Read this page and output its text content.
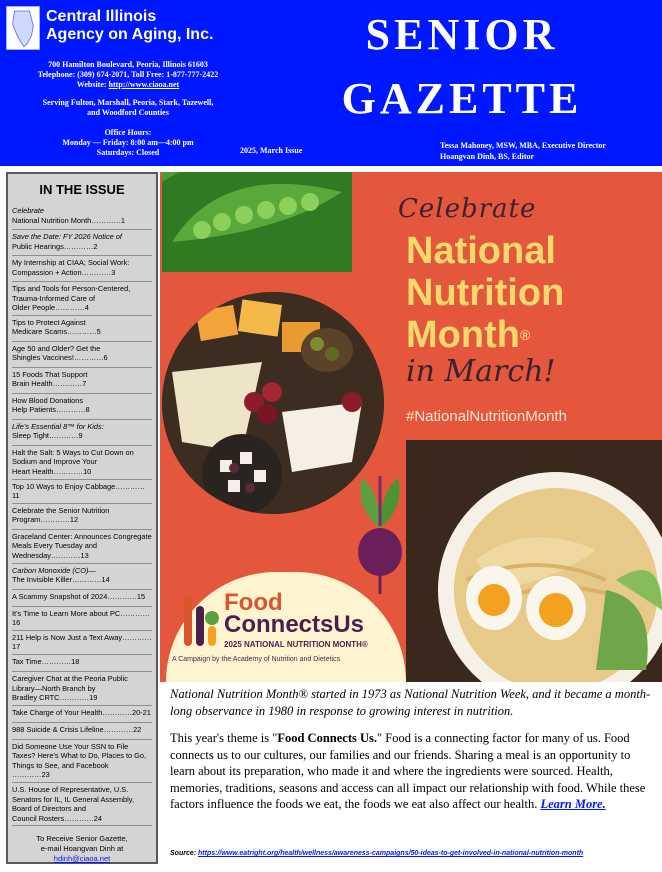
Central Illinois
Agency on Aging, Inc.
700 Hamilton Boulevard, Peoria, Illinois 61603
Telephone: (309) 674-2071, Toll Free: 1-877-777-2422
Website: http://www.ciaoa.net
Serving Fulton, Marshall, Peoria, Stark, Tazewell,
and Woodford Counties
Office Hours:
Monday — Friday: 8:00 am—4:00 pm
Saturdays: Closed
SENIOR
GAZETTE
2025, March Issue
Tessa Mahoney, MSW, MBA, Executive Director
Hoangvan Dinh, BS, Editor
IN THE ISSUE
Celebrate
National Nutrition Month…………1
Save the Date: FY 2026 Notice of
Public Hearings…………2
My Internship at CIAA; Social Work:
Compassion + Action…………3
Tips and Tools for Person-Centered, Trauma-Informed Care of
Older People…………4
Tips to Protect Against
Medicare Scams…………5
Age 50 and Older? Get the
Shingles Vaccines!…………6
15 Foods That Support
Brain Health…………7
How Blood Donations
Help Patients…………8
Life's Essential 8™ for Kids:
Sleep Tight…………9
Halt the Salt: 5 Ways to Cut Down on Sodium and Improve Your
Heart Health…………10
Top 10 Ways to Enjoy Cabbage…………11
Celebrate the Senior Nutrition
Program…………12
Graceland Center: Announces Congregate Meals Every Tuesday and
Wednesday…………13
Carbon Monoxide (CO)—
The Invisible Killer…………14
A Scammy Snapshot of 2024…………15
It's Time to Learn More about PC…………16
211 Help is Now Just a Text Away…………17
Tax Time…………18
Caregiver Chat at the Peoria Public Library—North Branch by
Bradley CRTC…………19
Take Charge of Your Health…………20-21
988 Suicide & Crisis Lifeline…………22
Did Someone Use Your SSN to File Taxes? Here's What to Do, Places to Go, Things to See, and Facebook
…………23
U.S. House of Representative, U.S. Senators for IL, IL General Assembly, Board of Directors and
Council Rosters…………24
To Receive Senior Gazette,
e-mail Hoangvan Dinh at
hdinh@ciaoa.net
Celebrate
National
Nutrition
Month®
in March!
#NationalNutritionMonth
Food
ConnectsUs
2025 NATIONAL NUTRITION MONTH®
A Campaign by the Academy of Nutrition and Dietetics

National Nutrition Month® started in 1973 as National Nutrition Week, and it became a month-long observance in 1980 in response to growing interest in nutrition.

This year's theme is "Food Connects Us." Food is a connecting factor for many of us. Food connects us to our cultures, our families and our friends. Sharing a meal is an opportunity to learn about its preparation, who made it and where the ingredients were sourced. Health, memories, traditions, seasons and access can all impact our relationship with food. While these factors influence the foods we eat, the foods we eat also affect our health. Learn More.

Source: https://www.eatright.org/health/wellness/awareness-campaigns/50-ideas-to-get-involved-in-national-nutrition-month
